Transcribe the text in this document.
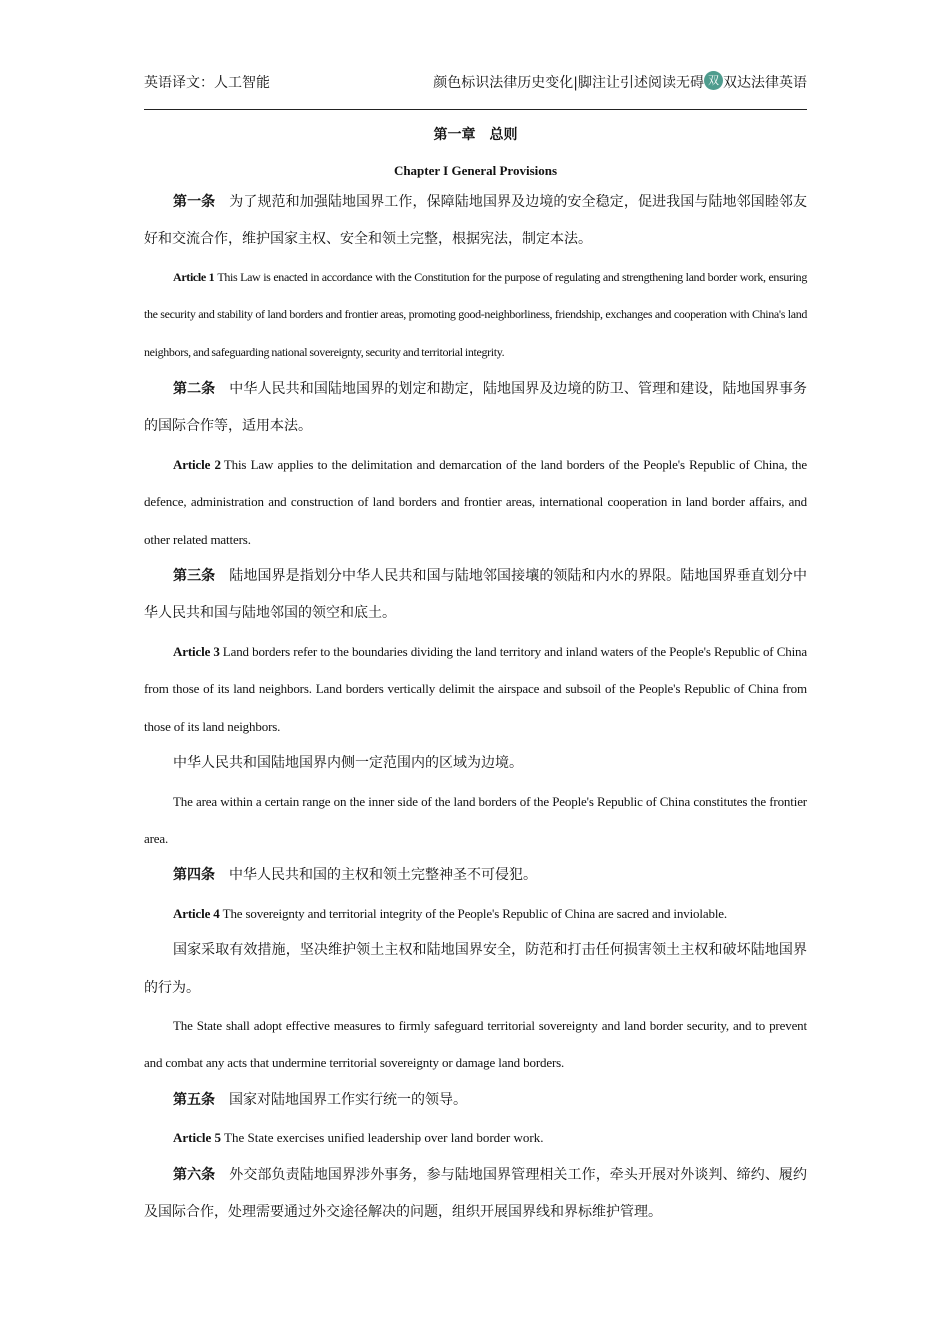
英语译文：人工智能	颜色标识法律历史变化|脚注让引述阅读无碍 双 双达法律英语
第一章　总则
Chapter I General Provisions

第一条 为了规范和加强陆地国界工作，保障陆地国界及边境的安全稳定，促进我国与陆地邻国睦邻友好和交流合作，维护国家主权、安全和领土完整，根据宪法，制定本法。

Article 1 This Law is enacted in accordance with the Constitution for the purpose of regulating and strengthening land border work, ensuring the security and stability of land borders and frontier areas, promoting good-neighborliness, friendship, exchanges and cooperation with China's land neighbors, and safeguarding national sovereignty, security and territorial integrity.

第二条 中华人民共和国陆地国界的划定和勘定，陆地国界及边境的防卫、管理和建设，陆地国界事务的国际合作等，适用本法。

Article 2 This Law applies to the delimitation and demarcation of the land borders of the People's Republic of China, the defence, administration and construction of land borders and frontier areas, international cooperation in land border affairs, and other related matters.

第三条 陆地国界是指划分中华人民共和国与陆地邻国接壤的领陆和内水的界限。陆地国界垂直划分中华人民共和国与陆地邻国的领空和底土。

Article 3 Land borders refer to the boundaries dividing the land territory and inland waters of the People's Republic of China from those of its land neighbors. Land borders vertically delimit the airspace and subsoil of the People's Republic of China from those of its land neighbors.

中华人民共和国陆地国界内侧一定范围内的区域为边境。

The area within a certain range on the inner side of the land borders of the People's Republic of China constitutes the frontier area.

第四条 中华人民共和国的主权和领土完整神圣不可侵犯。

Article 4 The sovereignty and territorial integrity of the People's Republic of China are sacred and inviolable.

国家采取有效措施，坚决维护领土主权和陆地国界安全，防范和打击任何损害领土主权和破坏陆地国界的行为。

The State shall adopt effective measures to firmly safeguard territorial sovereignty and land border security, and to prevent and combat any acts that undermine territorial sovereignty or damage land borders.

第五条 国家对陆地国界工作实行统一的领导。

Article 5 The State exercises unified leadership over land border work.

第六条 外交部负责陆地国界涉外事务，参与陆地国界管理相关工作，牵头开展对外谈判、缔约、履约及国际合作，处理需要通过外交途径解决的问题，组织开展国界线和界标维护管理。
